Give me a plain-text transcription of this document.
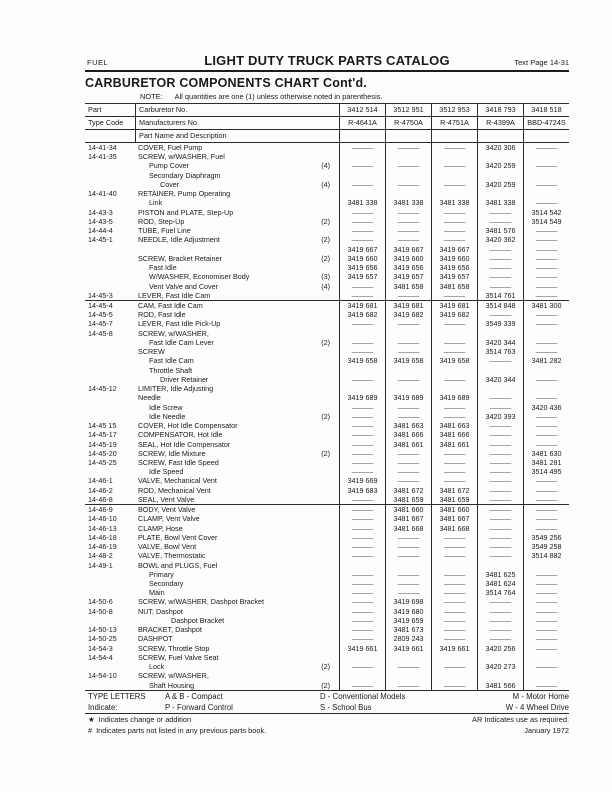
FUEL	LIGHT DUTY TRUCK PARTS CATALOG	Text Page 14-31
CARBURETOR COMPONENTS CHART Cont'd.
NOTE: All quantities are one (1) unless otherwise noted in parenthesis.
Part	Carburetor No.	3412 514	3512 951	3512 953	3418 793	3418 518
Type Code	Manufacturers No.	R-4641A	R-4750A	R-4751A	R-4399A	BBD-4724S
Part Name and Description
14-41-34	COVER, Fuel Pump	———	———	———	3420 306	———
14-41-35	SCREW, w/WASHER, Fuel
Pump Cover	(4)	———	———	———	3420 259	———
Secondary Diaphragm
Cover	(4)	———	———	———	3420 259	———
14-41-40	RETAINER, Pump Operating
Link	3481 338	3481 338	3481 338	3481 338	———
14-43-3	PISTON and PLATE, Step-Up	———	———	———	———	3514 542
14-43-5	ROD, Step-Up	(2)	———	———	———	———	3514 549
14-44-4	TUBE, Fuel Line	———	———	———	3481 576	———
14-45-1	NEEDLE, Idle Adjustment	(2)	———	———	———	3420 362	———
3419 667	3419 667	3419 667	———	———
SCREW, Bracket Retainer	(2)	3419 660	3419 660	3419 660	———	———
Fast Idle	3419 656	3419 656	3419 656	———	———
W/WASHER, Economiser Body	(3)	3419 657	3419 657	3419 657	———	———
Vent Valve and Cover	(4)	———	3481 658	3481 658	———	———
14-45-3	LEVER, Fast Idle Cam	———	———	———	3514 761	———
14-45-4	CAM, Fast Idle Cam	3419 681	3419 681	3419 681	3514 848	3481 300
14-45-5	ROD, Fast Idle	3419 682	3419 682	3419 682	———	———
14-45-7	LEVER, Fast Idle Pick-Up	———	———	———	3549 339	———
14-45-8	SCREW, w/WASHER,
Fast Idle Cam Lever	(2)	———	———	———	3420 344	———
SCREW	———	———	———	3514 763	———
Fast Idle Cam	3419 658	3419 658	3419 658	———	3481 282
Throttle Shaft
Driver Retainer	———	———	———	3420 344	———
14-45-12	LIMITER, Idle Adjusting
Needle	3419 689	3419 689	3419 689	———	———
Idle Screw	———	———	———	———	3420 436
Idle Needle	(2)	———	———	———	3420 393	———
14-45 15	COVER, Hot Idle Compensator	———	3481 663	3481 663	———	———
14-45-17	COMPENSATOR, Hot Idle	———	3481 666	3481 666	———	———
14-45-19	SEAL, Hot Idle Compensator	———	3481 661	3481 661	———	———
14-45-20	SCREW, Idle Mixture	(2)	———	———	———	———	3481 630
14-45-25	SCREW, Fast Idle Speed	———	———	———	———	3481 281
Idle Speed	———	———	———	———	3514 495
14-46-1	VALVE, Mechanical Vent	3419 669	———	———	———	———
14-46-2	ROD, Mechanical Vent	3419 683	3481 672	3481 672	———	———
14-46-8	SEAL, Vent Valve	———	3481 659	3481 659	———	———
14-46-9	BODY, Vent Valve	———	3481 660	3481 660	———	———
14-46-10	CLAMP, Vent Valve	———	3481 667	3481 667	———	———
14-46-13	CLAMP, Hose	———	3481 668	3481 668	———	———
14-46-18	PLATE, Bowl Vent Cover	———	———	———	———	3549 256
14-46-19	VALVE, Bowl Vent	———	———	———	———	3549 258
14-48-2	VALVE, Thermostatic	———	———	———	———	3514 882
14-49-1	BOWL and PLUGS, Fuel
Primary	———	———	———	3481 625	———
Secondary	———	———	———	3481 624	———
Main	———	———	———	3514 764	———
14-50-6	SCREW, w/WASHER, Dashpot Bracket	———	3419 698	———	———	———
14-50-8	NUT, Dashpot	———	3419 680	———	———	———
Dashpot Bracket	———	3419 659	———	———	———
14-50-13	BRACKET, Dashpot	———	3481 673	———	———	———
14-50-25	DASHPOT	———	2809 243	———	———	———
14-54-3	SCREW, Throttle Stop	3419 661	3419 661	3419 661	3420 256	———
14-54-4	SCREW, Fuel Valve Seat
Lock	(2)	———	———	———	3420 273	———
14-54-10	SCREW, w/WASHER,
Shaft Housing	(2)	———	———	———	3481 566	———
TYPE LETTERS	A & B - Compact	D - Conventional Models	M - Motor Home
Indicate:	P - Forward Control	S - School Bus	W - 4 Wheel Drive
★ Indicates change or addition	AR Indicates use as required.
# Indicates parts not listed in any previous parts book.	January 1972
